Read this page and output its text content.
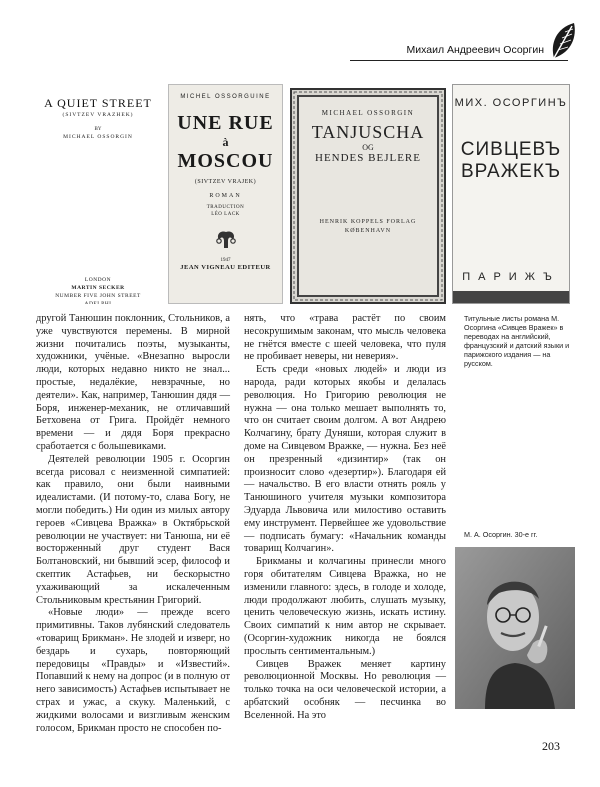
Михаил Андреевич Осоргин
A QUIET STREET
(SIVTZEV VRAZHEK)
BY
MICHAEL OSSORGIN
LONDON
MARTIN SECKER
NUMBER FIVE JOHN STREET
ADELPHI
MICHEL OSSORGUINE
UNE RUE
à
MOSCOU
(SIVTZEV VRAJEK)
ROMAN
TRADUCTION
LÉO LACK
1947
JEAN VIGNEAU EDITEUR
MICHAEL OSSORGIN
TANJUSCHA
OG
HENDES BEJLERE
HENRIK KOPPELS FORLAG
KØBENHAVN
МИХ. ОСОРГИНЪ
СИВЦЕВЪ
ВРАЖЕКЪ
ПАРИЖЪ

другой Танюшин поклонник, Стольников, а уже чувствуются перемены. В мирной жизни почитались поэты, музыканты, художники, учёные. «Внезапно выросли люди, которых недавно никто не знал... простые, недалёкие, невзрачные, но деятели». Как, например, Танюшин дядя — Боря, инженер-механик, не отличавший Бетховена от Грига. Пройдёт немного времени — и дядя Боря прекрасно сработается с большевиками.

Деятелей революции 1905 г. Осоргин всегда рисовал с неизменной симпатией: как правило, они были наивными идеалистами. (И потому-то, слава Богу, не могли победить.) Ни один из милых автору героев «Сивцева Вражка» в Октябрьской революции не участвует: ни Танюша, ни её восторженный друг студент Вася Болтановский, ни бывший эсер, философ и скептик Астафьев, ни бескорыстно ухаживающий за искалеченным Стольниковым крестьянин Григорий.

«Новые люди» — прежде всего примитивны. Таков лубянский следователь «товарищ Брикман». Не злодей и изверг, но бездарь и сухарь, повторяющий передовицы «Правды» и «Известий». Попавший к нему на допрос (и в полную от него зависимость) Астафьев испытывает не страх и ужас, а скуку. Маленький, с жидкими волосами и визгливым женским голосом, Брикман просто не способен по-

нять, что «трава растёт по своим несокрушимым законам, что мысль человека не гнётся вместе с шеей человека, что пуля не пробивает неверы, ни неверия».

Есть среди «новых людей» и люди из народа, ради которых якобы и делалась революция. Но Григорию революция не нужна — она только мешает выполнять то, что он считает своим долгом. А вот Андрею Колчагину, брату Дуняши, которая служит в доме на Сивцевом Вражке, — нужна. Без неё он презренный «дизинтир» (так он произносит слово «дезертир»). Благодаря ей — начальство. В его власти отнять рояль у Танюшиного учителя музыки композитора Эдуарда Львовича или милостиво оставить ему инструмент. Первейшее же удовольствие — подписать бумагу: «Начальник команды товарищ Колчагин».

Брикманы и колчагины принесли много горя обитателям Сивцева Вражка, но не изменили главного: здесь, в голоде и холоде, люди продолжают любить, слушать музыку, ценить человеческую жизнь, искать истину. Своих симпатий к ним автор не скрывает. (Осоргин-художник никогда не боялся прослыть сентиментальным.)

Сивцев Вражек меняет картину революционной Москвы. Но революция — только точка на оси человеческой истории, а арбатский особняк — песчинка во Вселенной. На это

Титульные листы романа М. Осоргина «Сивцев Вражек» в переводах на английский, французский и датский языки и парижского издания — на русском.
М. А. Осоргин. 30-е гг.
203
